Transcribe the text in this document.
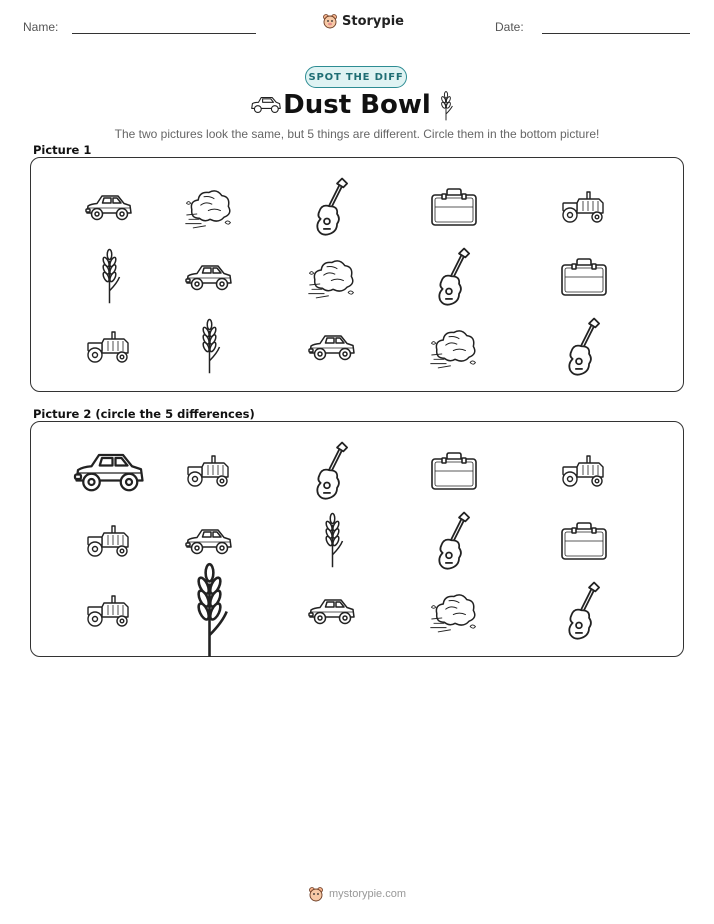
Name:	Storypie	Date:
SPOT THE DIFF
Dust Bowl
The two pictures look the same, but 5 things are different. Circle them in the bottom picture!
Picture 1
Picture 2 (circle the 5 differences)
mystorypie.com
